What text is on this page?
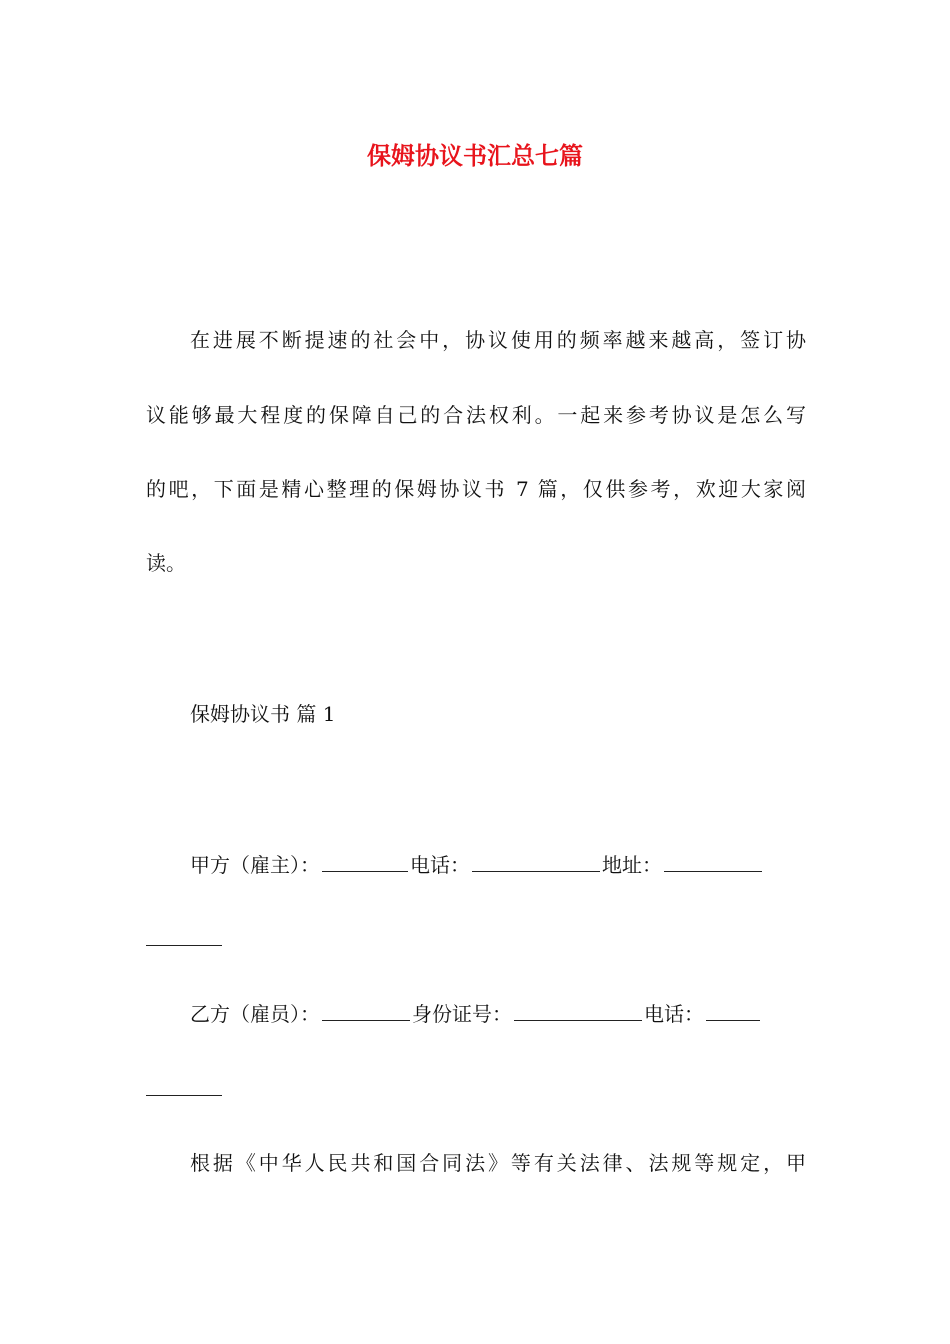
保姆协议书汇总七篇
在进展不断提速的社会中，协议使用的频率越来越高，签订协
议能够最大程度的保障自己的合法权利。一起来参考协议是怎么写
的吧，下面是精心整理的保姆协议书 7 篇，仅供参考，欢迎大家阅
读。
保姆协议书 篇 1
甲方（雇主）：	电话：	地址：
乙方（雇员）：	身份证号：	电话：
根据《中华人民共和国合同法》等有关法律、法规等规定，甲
